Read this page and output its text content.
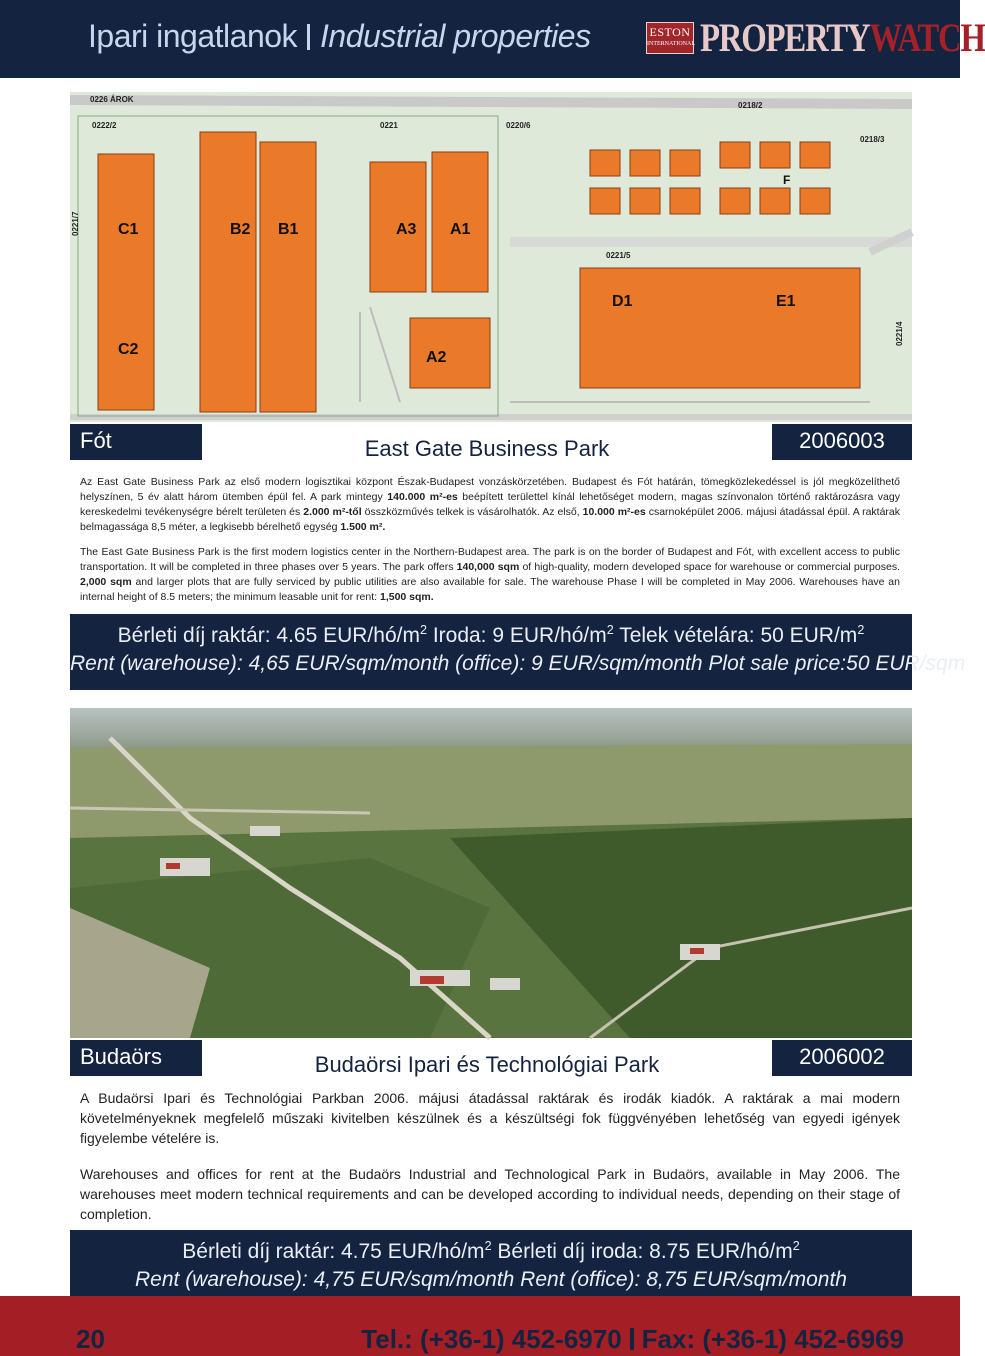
Ipari ingatlanok Industrial properties	ESTON
INTERNATIONAL PROPERTYWATCH
C1
C2
B2 B1	A3 A1
A2
D1	E1
F
0226 ÁROK
0222/2	0221	0220/6
0218/2
0218/3
0221/5
0221/7
0221/4
Fót	East Gate Business Park	2006003

Az East Gate Business Park az első modern logisztikai központ Észak-Budapest vonzáskörzetében. Budapest és Fót határán, tömegközlekedéssel is jól megközelíthető helyszínen, 5 év alatt három ütemben épül fel. A park mintegy 140.000 m²-es beépített területtel kínál lehetőséget modern, magas színvonalon történő raktározásra vagy kereskedelmi tevékenységre bérelt területen és 2.000 m²-től összközművés telkek is vásárolhatók. Az első, 10.000 m²-es csarnoképület 2006. májusi átadással épül. A raktárak belmagassága 8,5 méter, a legkisebb bérelhető egység 1.500 m².

The East Gate Business Park is the first modern logistics center in the Northern-Budapest area. The park is on the border of Budapest and Fót, with excellent access to public transportation. It will be completed in three phases over 5 years. The park offers 140,000 sqm of high-quality, modern developed space for warehouse or commercial purposes. 2,000 sqm and larger plots that are fully serviced by public utilities are also available for sale. The warehouse Phase I will be completed in May 2006. Warehouses have an internal height of 8.5 meters; the minimum leasable unit for rent: 1,500 sqm.

Bérleti díj raktár: 4.65 EUR/$hó/m^2$ Iroda: 9 EUR/$hó/m^2$ Telek vételára: 50 EUR/$m^2$
Rent (warehouse): 4,65 EUR/sqm/month (office): 9 EUR/sqm/month Plot sale price:50 EUR/sqm
Budaörs	Budaörsi Ipari és Technológiai Park	2006002

A Budaörsi Ipari és Technológiai Parkban 2006. májusi átadással raktárak és irodák kiadók. A raktárak a mai modern követelményeknek megfelelő műszaki kivitelben készülnek és a készültségi fok függvényében lehetőség van egyedi igények figyelembe vételére is.

Warehouses and offices for rent at the Budaörs Industrial and Technological Park in Budaörs, available in May 2006. The warehouses meet modern technical requirements and can be developed according to individual needs, depending on their stage of completion.

Bérleti díj raktár: 4.75 EUR/$hó/m^2$ Bérleti díj iroda: 8.75 EUR/$hó/m^2$
Rent (warehouse): 4,75 EUR/sqm/month Rent (office): 8,75 EUR/sqm/month
20	Tel.: (+36-1) 452-6970 Fax: (+36-1) 452-6969
